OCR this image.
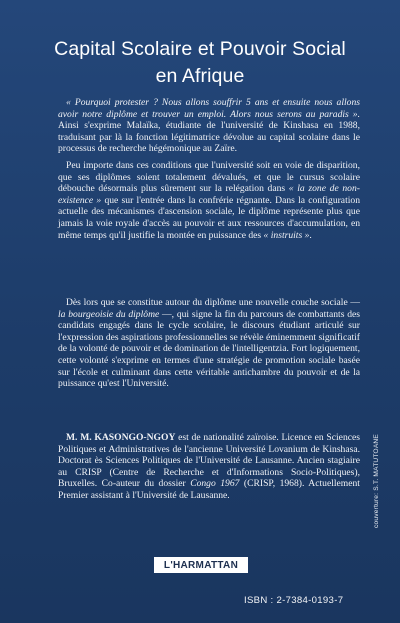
Capital Scolaire et Pouvoir Social
en Afrique

« Pourquoi protester ? Nous allons souffrir 5 ans et ensuite nous allons avoir notre diplôme et trouver un emploi. Alors nous serons au paradis ». Ainsi s'exprime Malaïka, étudiante de l'université de Kinshasa en 1988, traduisant par là la fonction légitimatrice dévolue au capital scolaire dans le processus de recherche hégémonique au Zaïre.

Peu importe dans ces conditions que l'université soit en voie de disparition, que ses diplômes soient totalement dévalués, et que le cursus scolaire débouche désormais plus sûrement sur la relégation dans « la zone de non-existence » que sur l'entrée dans la confrérie régnante. Dans la configuration actuelle des mécanismes d'ascension sociale, le diplôme représente plus que jamais la voie royale d'accès au pouvoir et aux ressources d'accumulation, en même temps qu'il justifie la montée en puissance des « instruits ».

Dès lors que se constitue autour du diplôme une nouvelle couche sociale — la bourgeoisie du diplôme —, qui signe la fin du parcours de combattants des candidats engagés dans le cycle scolaire, le discours étudiant articulé sur l'expression des aspirations professionnelles se révèle éminemment significatif de la volonté de pouvoir et de domination de l'intelligentzia. Fort logiquement, cette volonté s'exprime en termes d'une stratégie de promotion sociale basée sur l'école et culminant dans cette véritable antichambre du pouvoir et de la puissance qu'est l'Université.

M. M. KASONGO-NGOY est de nationalité zaïroise. Licence en Sciences Politiques et Administratives de l'ancienne Université Lovanium de Kinshasa. Doctorat ès Sciences Politiques de l'Université de Lausanne. Ancien stagiaire au CRISP (Centre de Recherche et d'Informations Socio-Politiques), Bruxelles. Co-auteur du dossier Congo 1967 (CRISP, 1968). Actuellement Premier assistant à l'Université de Lausanne.	couverture: S.T. MATUTOANE
L'HARMATTAN
ISBN : 2-7384-0193-7
